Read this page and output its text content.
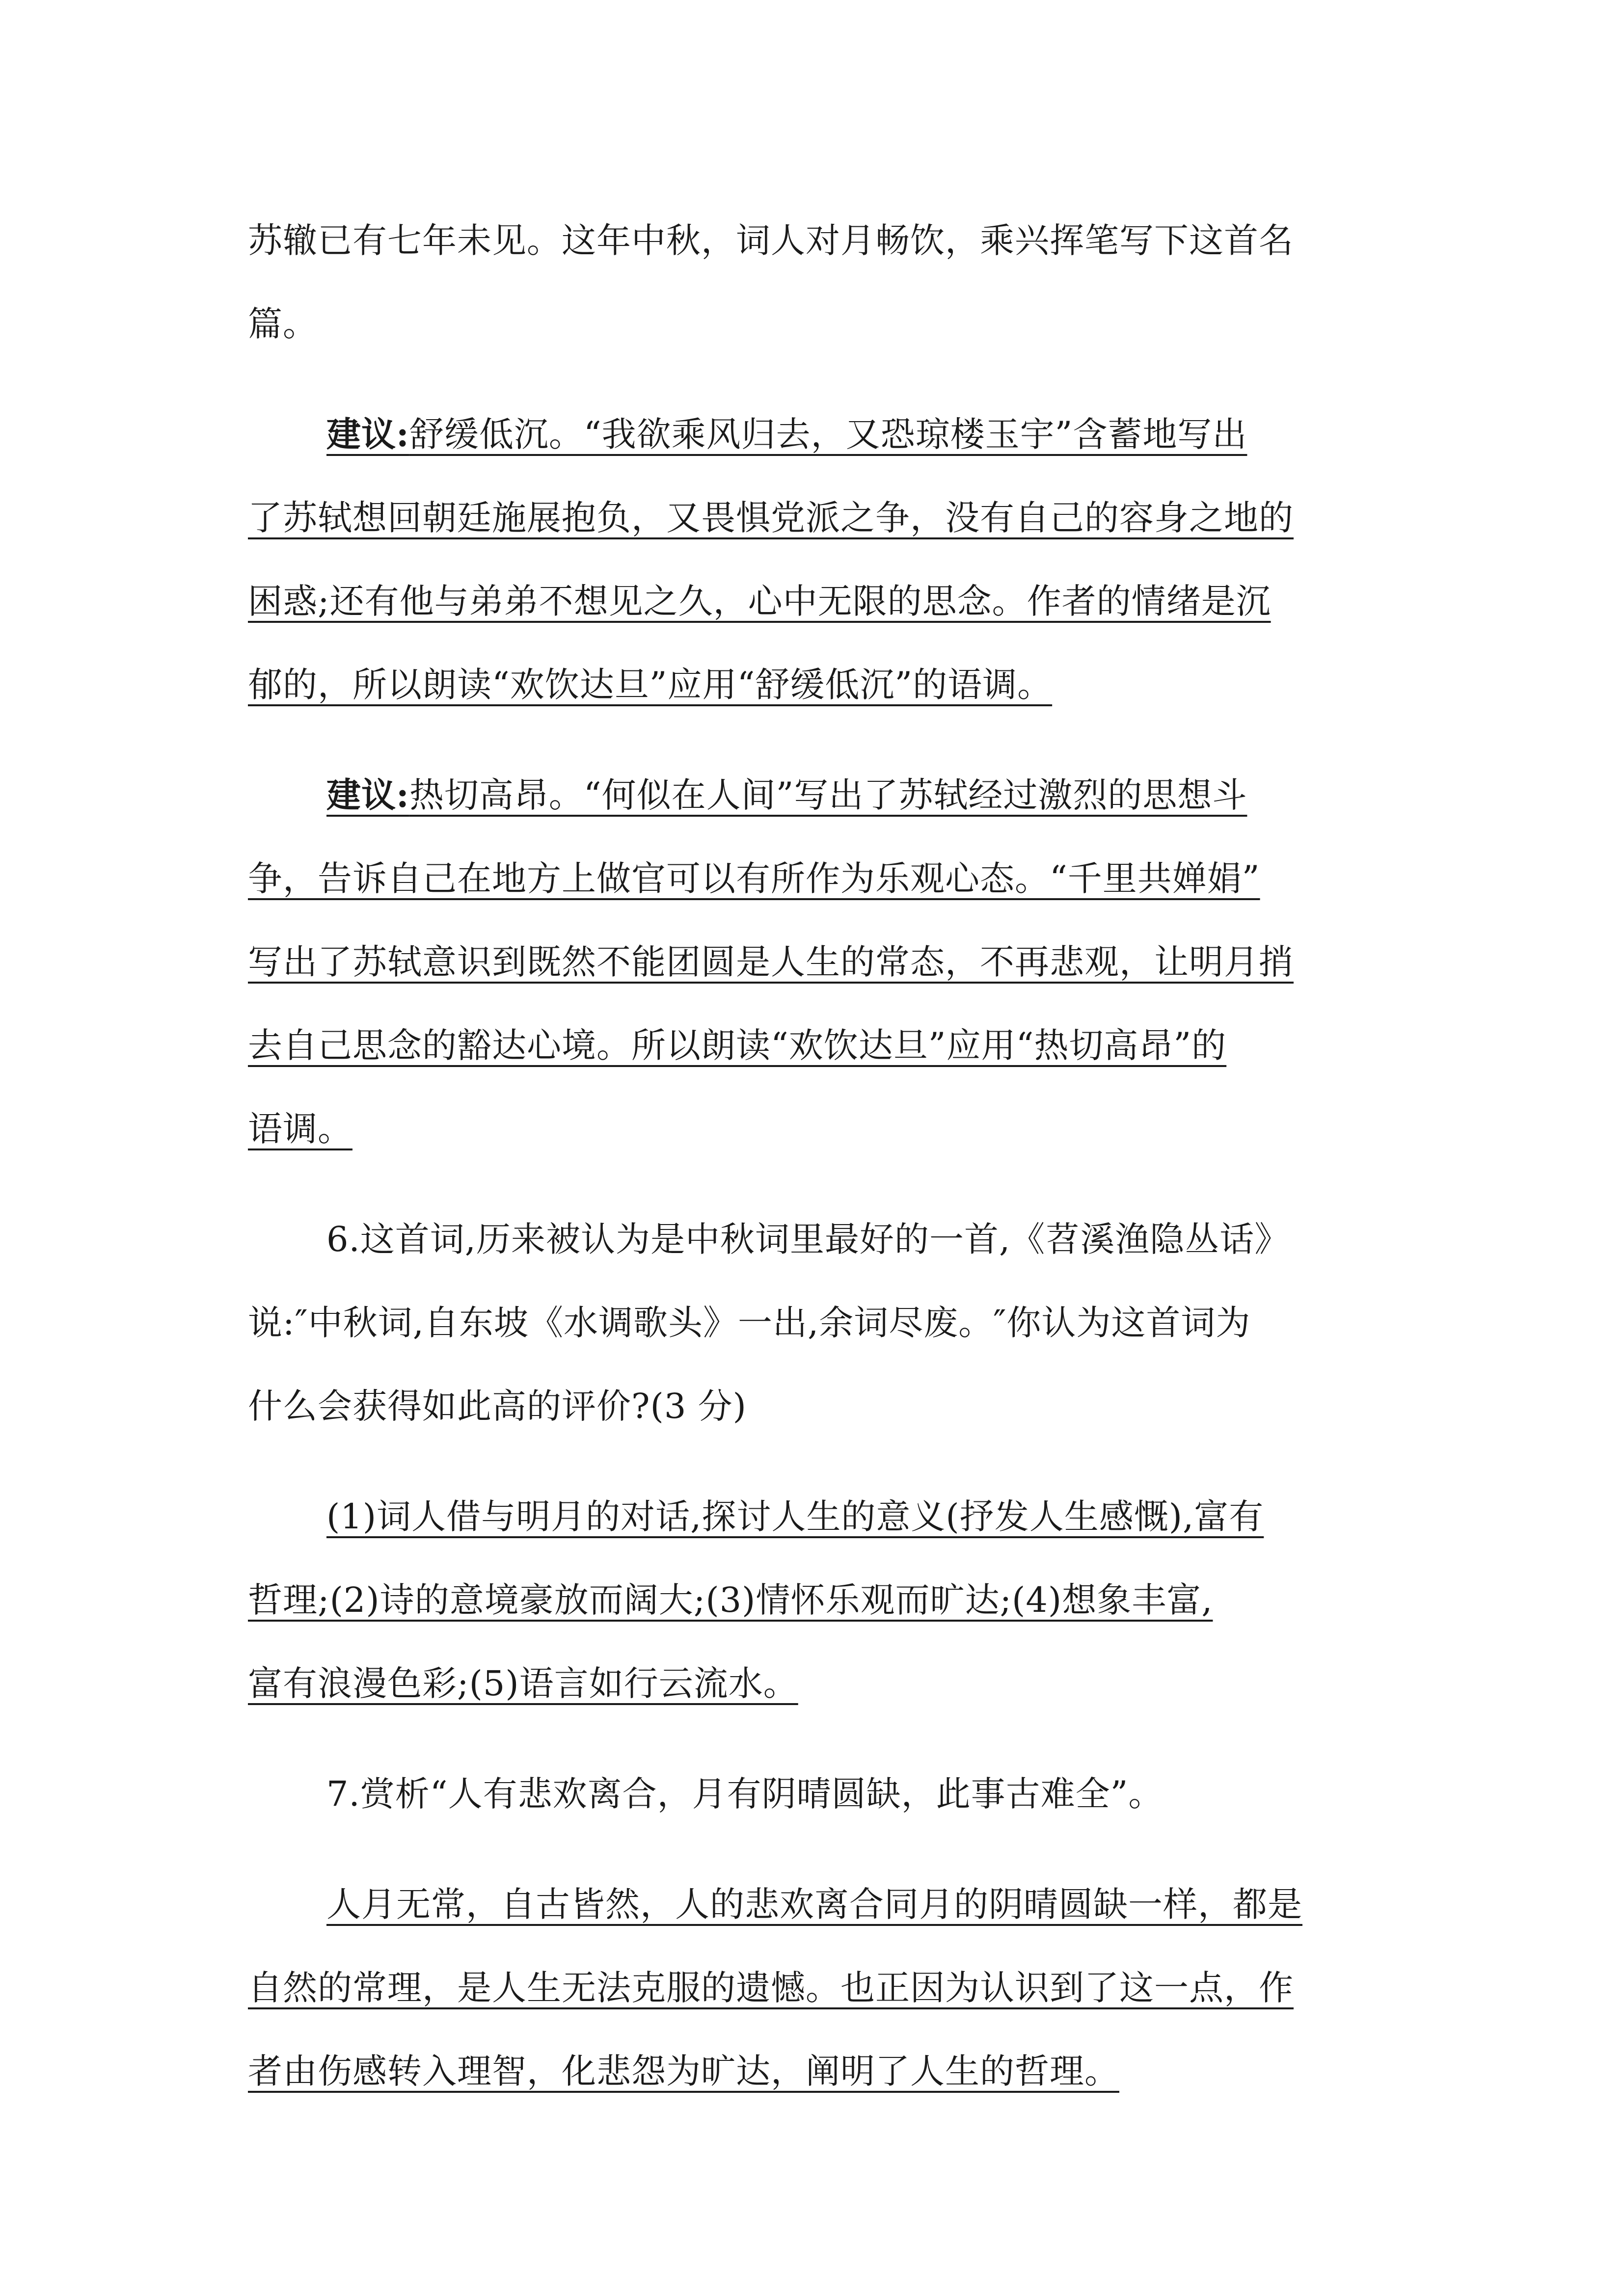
苏辙已有七年未见。这年中秋，词人对月畅饮，乘兴挥笔写下这首名
篇。
建议:舒缓低沉。“我欲乘风归去，又恐琼楼玉宇”含蓄地写出
了苏轼想回朝廷施展抱负，又畏惧党派之争，没有自己的容身之地的
困惑;还有他与弟弟不想见之久，心中无限的思念。作者的情绪是沉
郁的，所以朗读“欢饮达旦”应用“舒缓低沉”的语调。
建议:热切高昂。“何似在人间”写出了苏轼经过激烈的思想斗
争，告诉自己在地方上做官可以有所作为乐观心态。“千里共婵娟”
写出了苏轼意识到既然不能团圆是人生的常态，不再悲观，让明月捎
去自己思念的豁达心境。所以朗读“欢饮达旦”应用“热切高昂”的
语调。
6.这首词,历来被认为是中秋词里最好的一首,《苕溪渔隐丛话》
说:″中秋词,自东坡《水调歌头》一出,余词尽废。″你认为这首词为
什么会获得如此高的评价?(3 分)
(1)词人借与明月的对话,探讨人生的意义(抒发人生感慨),富有
哲理;(2)诗的意境豪放而阔大;(3)情怀乐观而旷达;(4)想象丰富,
富有浪漫色彩;(5)语言如行云流水。
7.赏析“人有悲欢离合，月有阴晴圆缺，此事古难全”。
人月无常，自古皆然，人的悲欢离合同月的阴晴圆缺一样，都是
自然的常理，是人生无法克服的遗憾。也正因为认识到了这一点，作
者由伤感转入理智，化悲怨为旷达，阐明了人生的哲理。
